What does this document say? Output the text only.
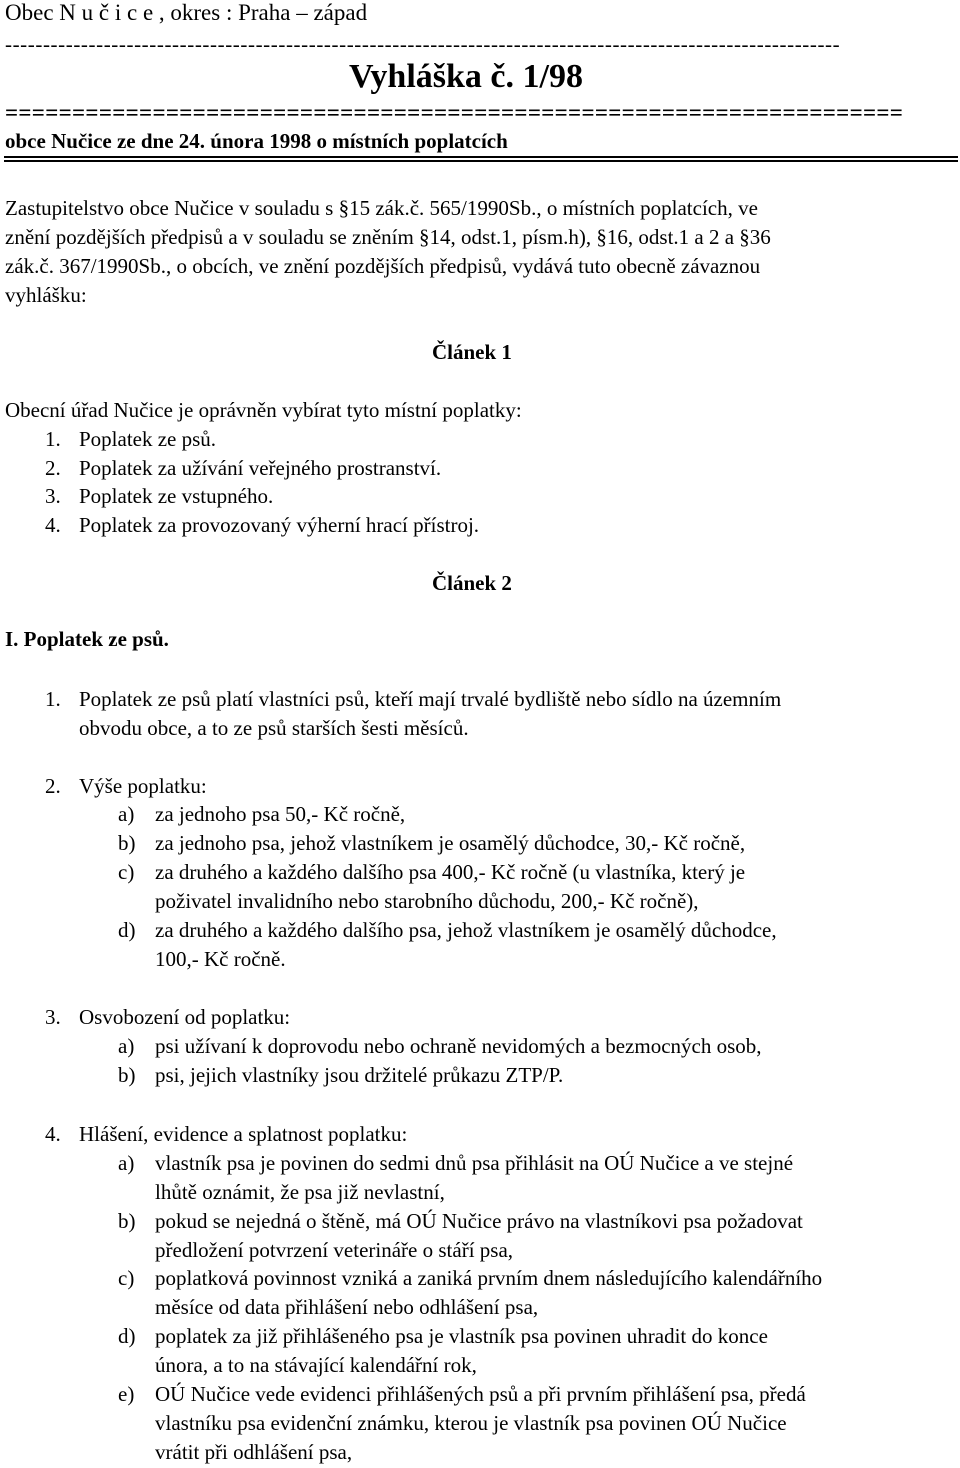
Obec N u č i c e , okres : Praha – západ
--------------------------------------------------------------------------------------------------------------
Vyhláška č. 1/98
===================================================================
obce Nučice ze dne 24. února 1998 o místních poplatcích
Zastupitelstvo obce Nučice v souladu s §15 zák.č. 565/1990Sb., o místních poplatcích, ve
znění pozdějších předpisů a v souladu se zněním §14, odst.1, písm.h), §16, odst.1 a 2 a §36
zák.č. 367/1990Sb., o obcích, ve znění pozdějších předpisů, vydává tuto obecně závaznou
vyhlášku:
Článek 1
Obecní úřad Nučice je oprávněn vybírat tyto místní poplatky:
1. Poplatek ze psů.
2. Poplatek za užívání veřejného prostranství.
3. Poplatek ze vstupného.
4. Poplatek za provozovaný výherní hrací přístroj.
Článek 2
I. Poplatek ze psů.
1. Poplatek ze psů platí vlastníci psů, kteří mají trvalé bydliště nebo sídlo na územním
obvodu obce, a to ze psů starších šesti měsíců.
2. Výše poplatku:
a) za jednoho psa 50,- Kč ročně,
b) za jednoho psa, jehož vlastníkem je osamělý důchodce, 30,- Kč ročně,
c) za druhého a každého dalšího psa 400,- Kč ročně (u vlastníka, který je
poživatel invalidního nebo starobního důchodu, 200,- Kč ročně),
d) za druhého a každého dalšího psa, jehož vlastníkem je osamělý důchodce,
100,- Kč ročně.
3. Osvobození od poplatku:
a) psi užívaní k doprovodu nebo ochraně nevidomých a bezmocných osob,
b) psi, jejich vlastníky jsou držitelé průkazu ZTP/P.
4. Hlášení, evidence a splatnost poplatku:
a) vlastník psa je povinen do sedmi dnů psa přihlásit na OÚ Nučice a ve stejné
lhůtě oznámit, že psa již nevlastní,
b) pokud se nejedná o štěně, má OÚ Nučice právo na vlastníkovi psa požadovat
předložení potvrzení veterináře o stáří psa,
c) poplatková povinnost vzniká a zaniká prvním dnem následujícího kalendářního
měsíce od data přihlášení nebo odhlášení psa,
d) poplatek za již přihlášeného psa je vlastník psa povinen uhradit do konce
února, a to na stávající kalendářní rok,
e) OÚ Nučice vede evidenci přihlášených psů a při prvním přihlášení psa, předá
vlastníku psa evidenční známku, kterou je vlastník psa povinen OÚ Nučice
vrátit při odhlášení psa,
